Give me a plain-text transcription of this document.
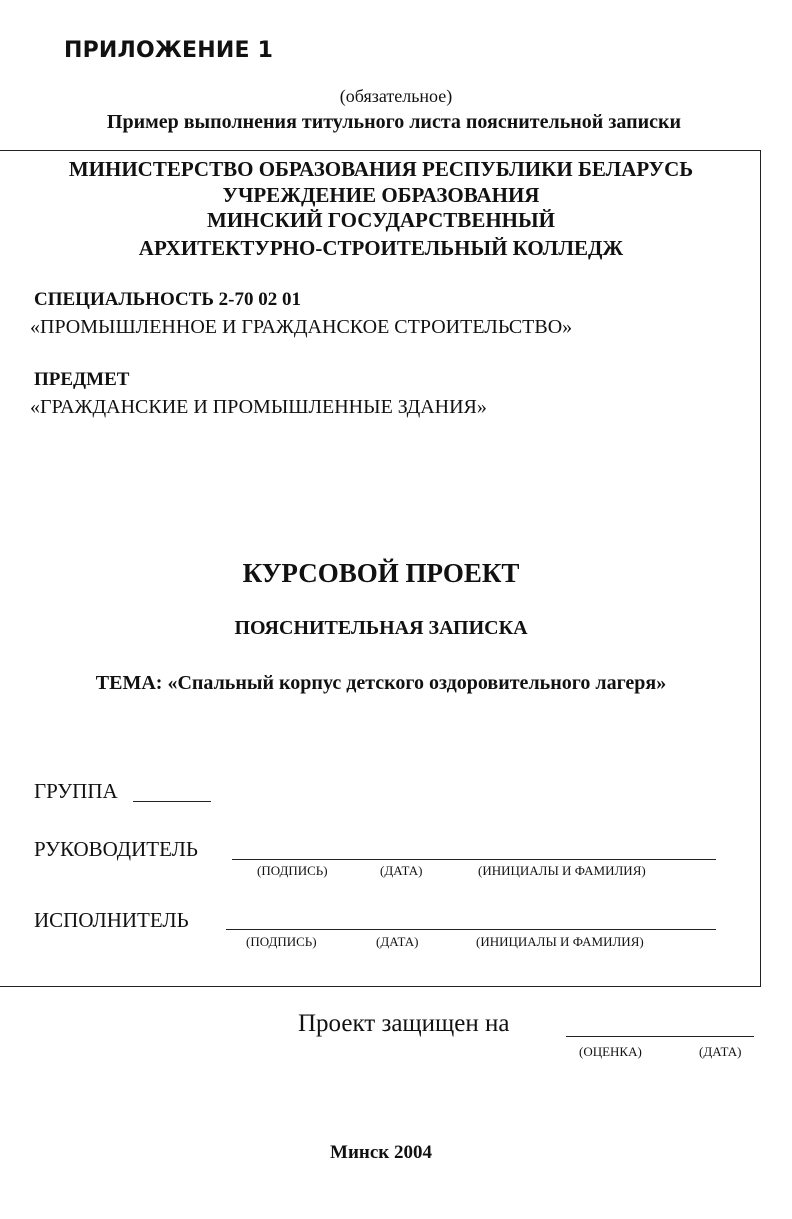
ПРИЛОЖЕНИЕ 1
(обязательное)
Пример выполнения титульного листа пояснительной записки
МИНИСТЕРСТВО ОБРАЗОВАНИЯ РЕСПУБЛИКИ БЕЛАРУСЬ
УЧРЕЖДЕНИЕ ОБРАЗОВАНИЯ
МИНСКИЙ ГОСУДАРСТВЕННЫЙ
АРХИТЕКТУРНО-СТРОИТЕЛЬНЫЙ КОЛЛЕДЖ
СПЕЦИАЛЬНОСТЬ 2-70 02 01
«ПРОМЫШЛЕННОЕ И ГРАЖДАНСКОЕ СТРОИТЕЛЬСТВО»
ПРЕДМЕТ
«ГРАЖДАНСКИЕ И ПРОМЫШЛЕННЫЕ ЗДАНИЯ»
КУРСОВОЙ ПРОЕКТ
ПОЯСНИТЕЛЬНАЯ ЗАПИСКА
ТЕМА: «Спальный корпус детского оздоровительного лагеря»
ГРУППА
РУКОВОДИТЕЛЬ
(ПОДПИСЬ)	(ДАТА)	(ИНИЦИАЛЫ И ФАМИЛИЯ)
ИСПОЛНИТЕЛЬ
(ПОДПИСЬ)	(ДАТА)	(ИНИЦИАЛЫ И ФАМИЛИЯ)
Проект защищен на
(ОЦЕНКА)	(ДАТА)
Минск 2004
